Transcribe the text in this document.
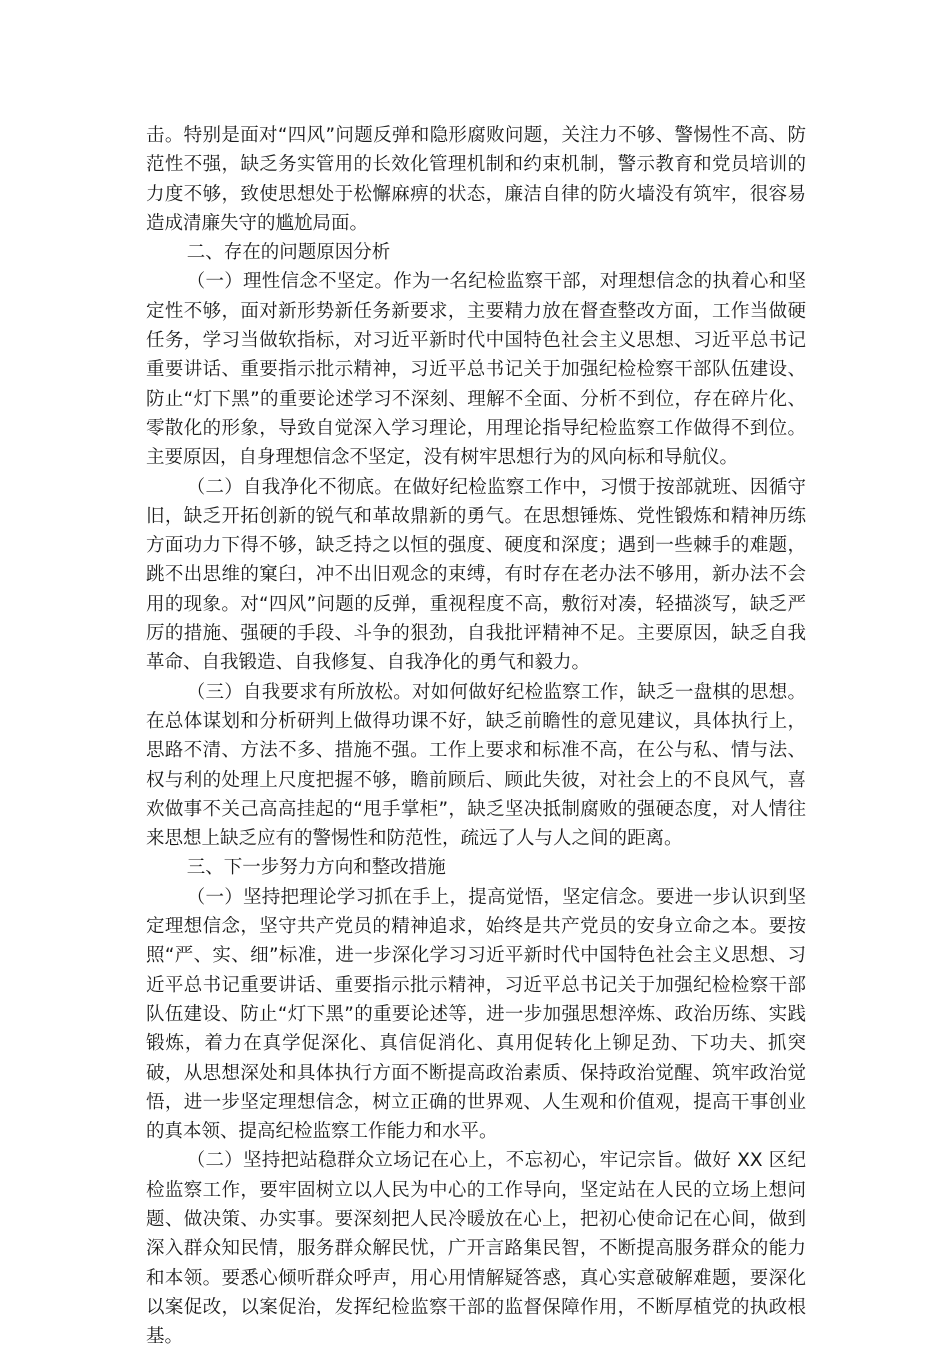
击。特别是面对“四风”问题反弹和隐形腐败问题，关注力不够、警惕性不高、防范性不强，缺乏务实管用的长效化管理机制和约束机制，警示教育和党员培训的力度不够，致使思想处于松懈麻痹的状态，廉洁自律的防火墙没有筑牢，很容易造成清廉失守的尴尬局面。

二、存在的问题原因分析

（一）理性信念不坚定。作为一名纪检监察干部，对理想信念的执着心和坚定性不够，面对新形势新任务新要求，主要精力放在督查整改方面，工作当做硬任务，学习当做软指标，对习近平新时代中国特色社会主义思想、习近平总书记重要讲话、重要指示批示精神，习近平总书记关于加强纪检检察干部队伍建设、防止“灯下黑”的重要论述学习不深刻、理解不全面、分析不到位，存在碎片化、零散化的形象，导致自觉深入学习理论，用理论指导纪检监察工作做得不到位。主要原因，自身理想信念不坚定，没有树牢思想行为的风向标和导航仪。

（二）自我净化不彻底。在做好纪检监察工作中，习惯于按部就班、因循守旧，缺乏开拓创新的锐气和革故鼎新的勇气。在思想锤炼、党性锻炼和精神历练方面功力下得不够，缺乏持之以恒的强度、硬度和深度；遇到一些棘手的难题，跳不出思维的窠臼，冲不出旧观念的束缚，有时存在老办法不够用，新办法不会用的现象。对“四风”问题的反弹，重视程度不高，敷衍对凑，轻描淡写，缺乏严厉的措施、强硬的手段、斗争的狠劲，自我批评精神不足。主要原因，缺乏自我革命、自我锻造、自我修复、自我净化的勇气和毅力。

（三）自我要求有所放松。对如何做好纪检监察工作，缺乏一盘棋的思想。在总体谋划和分析研判上做得功课不好，缺乏前瞻性的意见建议，具体执行上，思路不清、方法不多、措施不强。工作上要求和标准不高，在公与私、情与法、权与利的处理上尺度把握不够，瞻前顾后、顾此失彼，对社会上的不良风气，喜欢做事不关己高高挂起的“甩手掌柜”，缺乏坚决抵制腐败的强硬态度，对人情往来思想上缺乏应有的警惕性和防范性，疏远了人与人之间的距离。

三、下一步努力方向和整改措施

（一）坚持把理论学习抓在手上，提高觉悟，坚定信念。要进一步认识到坚定理想信念，坚守共产党员的精神追求，始终是共产党员的安身立命之本。要按照“严、实、细”标准，进一步深化学习习近平新时代中国特色社会主义思想、习近平总书记重要讲话、重要指示批示精神，习近平总书记关于加强纪检检察干部队伍建设、防止“灯下黑”的重要论述等，进一步加强思想淬炼、政治历练、实践锻炼，着力在真学促深化、真信促消化、真用促转化上铆足劲、下功夫、抓突破，从思想深处和具体执行方面不断提高政治素质、保持政治觉醒、筑牢政治觉悟，进一步坚定理想信念，树立正确的世界观、人生观和价值观，提高干事创业的真本领、提高纪检监察工作能力和水平。

（二）坚持把站稳群众立场记在心上，不忘初心，牢记宗旨。做好 XX 区纪检监察工作，要牢固树立以人民为中心的工作导向，坚定站在人民的立场上想问题、做决策、办实事。要深刻把人民冷暖放在心上，把初心使命记在心间，做到深入群众知民情，服务群众解民忧，广开言路集民智，不断提高服务群众的能力和本领。要悉心倾听群众呼声，用心用情解疑答惑，真心实意破解难题，要深化以案促改，以案促治，发挥纪检监察干部的监督保障作用，不断厚植党的执政根基。
